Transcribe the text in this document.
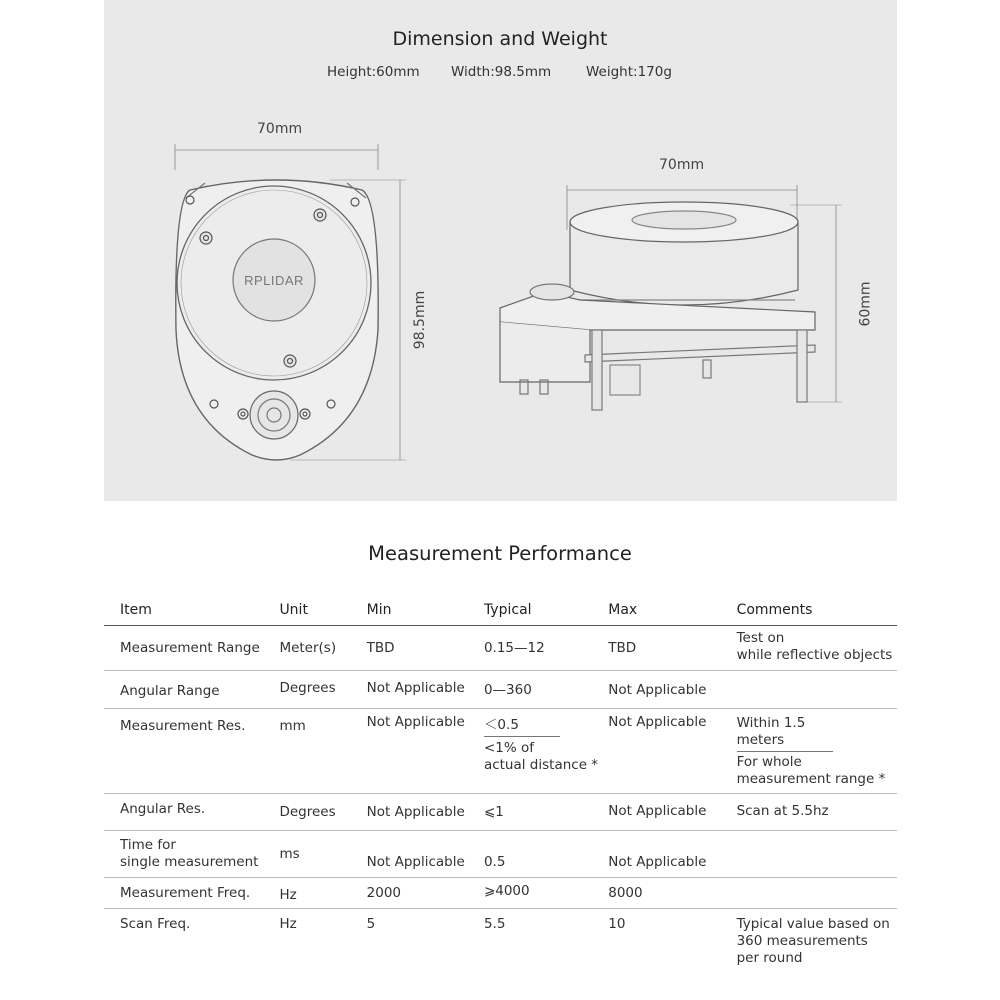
Dimension and Weight
Height:60mm Width:98.5mm	Weight:170g
RPLIDAR
70mm
98.5mm
70mm
60mm
Measurement Performance
Item	Unit	Min	Typical	Max	Comments
Measurement Range	Meter(s)	TBD	0.15—12	TBD	Test on
while reflective objects

Angular Range	Degrees	Not Applicable	0—360	Not Applicable	
Measurement Res.	mm	Not Applicable	＜0.5
<1% of
actual distance *	Not Applicable	Within 1.5
meters
For whole
measurement range *

Angular Res.	Degrees	Not Applicable	⩽1	Not Applicable	Scan at 5.5hz

Time for
single measurement	ms	Not Applicable	0.5	Not Applicable	
Measurement Freq.	Hz	2000	⩾4000	8000	
Scan Freq.	Hz	5	5.5	10	Typical value based on
360 measurements
per round
